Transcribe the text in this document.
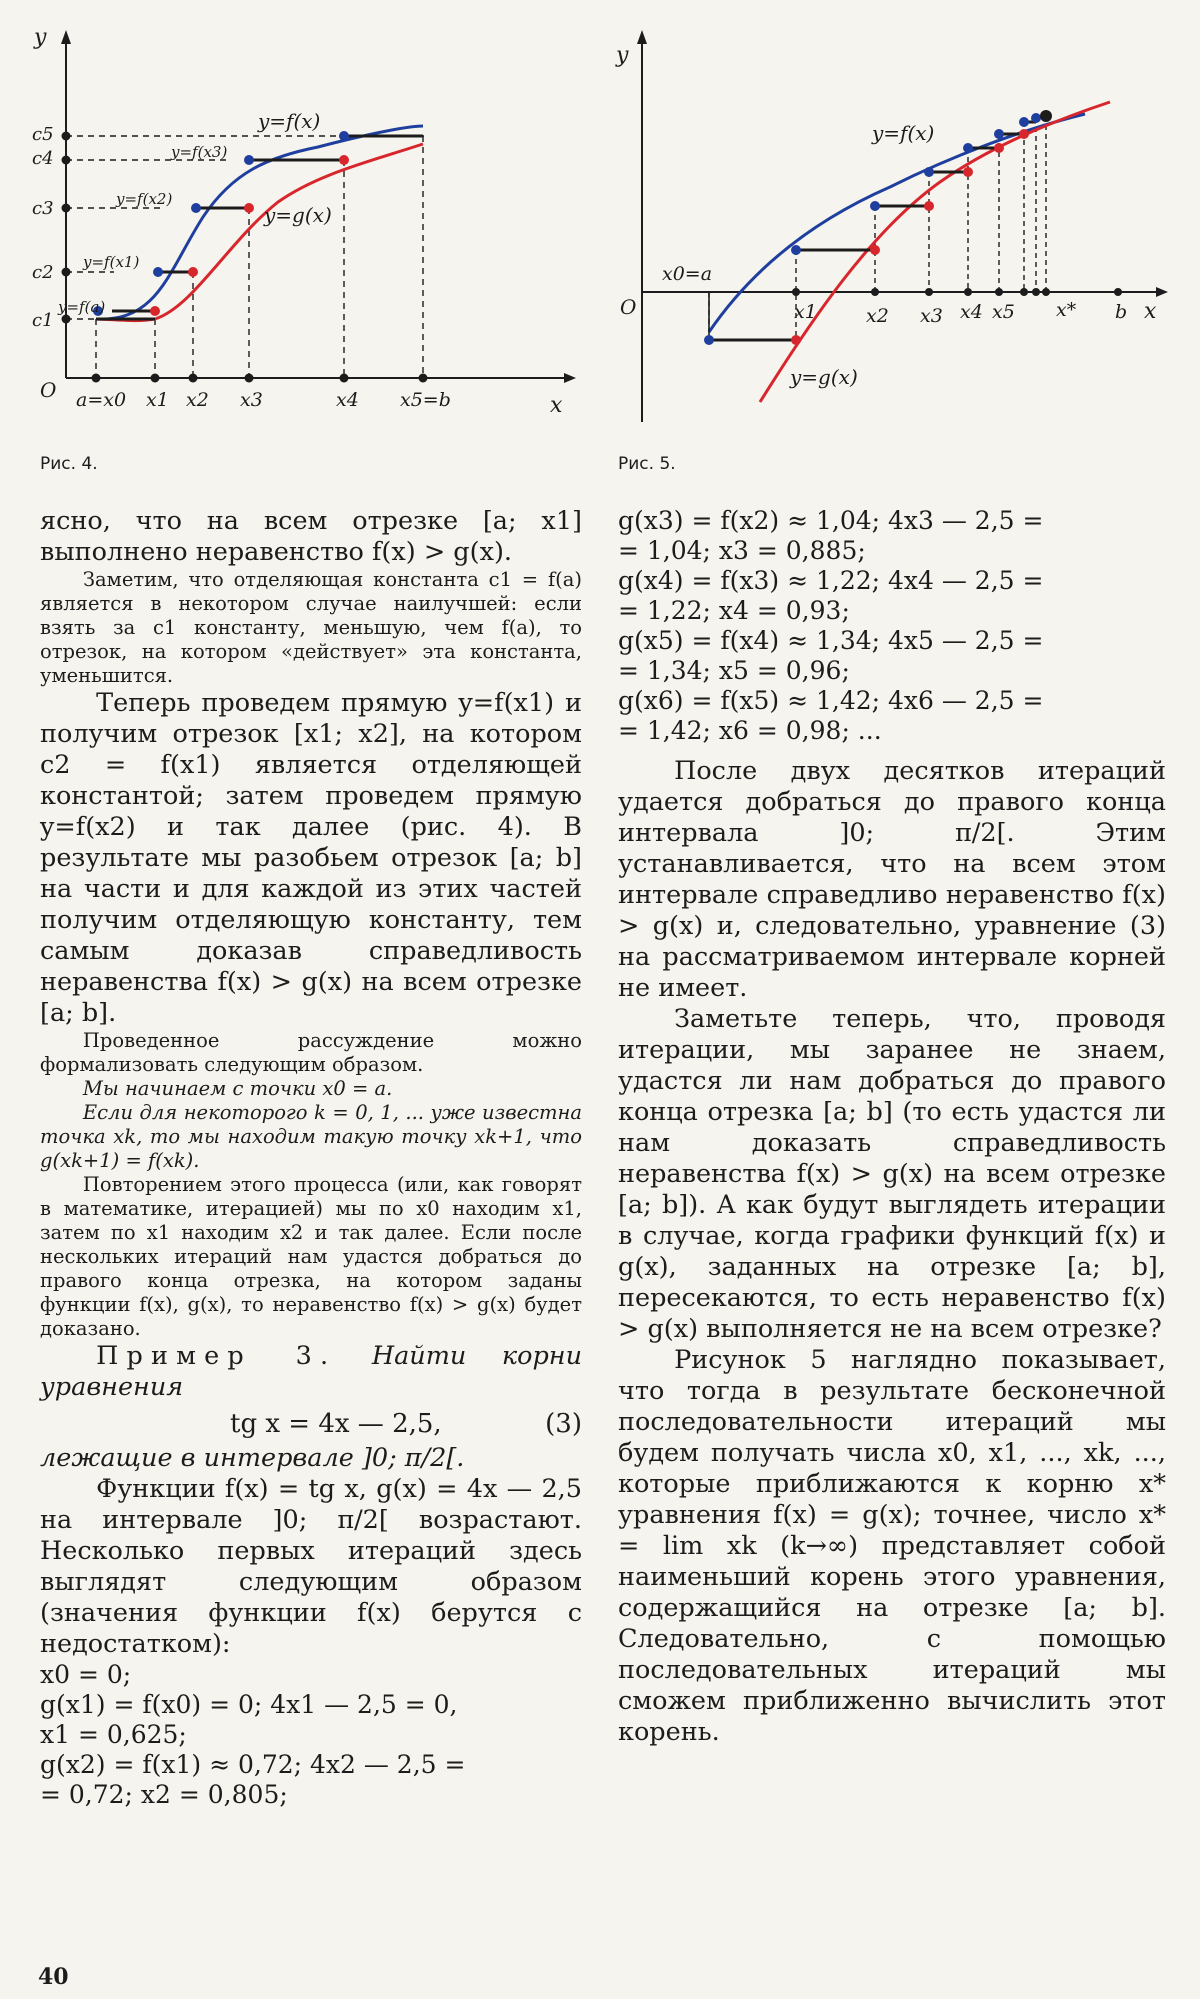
y
x
O
c5
c4
c3
c2
c1
a=x0 x1 x2 x3	x4 x5=b
y=f(x)
y=g(x)
y=f(a)
y=f(x1)
y=f(x2)
y=f(x3)
Рис. 4.
y
x
O
x0=a
x1	x2 x3 x4 x5 x* b
y=f(x)
y=g(x)
Рис. 5.

ясно, что на всем отрезке [a; x1] выполнено неравенство f(x) > g(x).

Заметим, что отделяющая константа c1 = f(a) является в некотором случае наилучшей: если взять за c1 константу, меньшую, чем f(a), то отрезок, на котором «действует» эта константа, уменьшится.

Теперь проведем прямую y=f(x1) и получим отрезок [x1; x2], на котором c2 = f(x1) является отделяющей константой; затем проведем прямую y=f(x2) и так далее (рис. 4). В результате мы разобьем отрезок [a; b] на части и для каждой из этих частей получим отделяющую константу, тем самым доказав справедливость неравенства f(x) > g(x) на всем отрезке [a; b].

Проведенное рассуждение можно формализовать следующим образом.

Мы начинаем с точки x0 = a.

Если для некоторого k = 0, 1, ... уже известна точка xk, то мы находим такую точку xk+1, что g(xk+1) = f(xk).

Повторением этого процесса (или, как говорят в математике, итерацией) мы по x0 находим x1, затем по x1 находим x2 и так далее. Если после нескольких итераций нам удастся добраться до правого конца отрезка, на котором заданы функции f(x), g(x), то неравенство f(x) > g(x) будет доказано.

Пример 3. Найти корни уравнения

tg x = 4x — 2,5,	(3)

лежащие в интервале ]0; π/2[.

Функции f(x) = tg x, g(x) = 4x — 2,5 на интервале ]0; π/2[ возрастают. Несколько первых итераций здесь выглядят следующим образом (значения функции f(x) берутся с недостатком):

x0 = 0;

g(x1) = f(x0) = 0; 4x1 — 2,5 = 0,

x1 = 0,625;

g(x2) = f(x1) ≈ 0,72; 4x2 — 2,5 =

= 0,72; x2 = 0,805;

g(x3) = f(x2) ≈ 1,04; 4x3 — 2,5 =

= 1,04; x3 = 0,885;

g(x4) = f(x3) ≈ 1,22; 4x4 — 2,5 =

= 1,22; x4 = 0,93;

g(x5) = f(x4) ≈ 1,34; 4x5 — 2,5 =

= 1,34; x5 = 0,96;

g(x6) = f(x5) ≈ 1,42; 4x6 — 2,5 =

= 1,42; x6 = 0,98; ...

После двух десятков итераций удается добраться до правого конца интервала ]0; π/2[. Этим устанавливается, что на всем этом интервале справедливо неравенство f(x) > g(x) и, следовательно, уравнение (3) на рассматриваемом интервале корней не имеет.

Заметьте теперь, что, проводя итерации, мы заранее не знаем, удастся ли нам добраться до правого конца отрезка [a; b] (то есть удастся ли нам доказать справедливость неравенства f(x) > g(x) на всем отрезке [a; b]). А как будут выглядеть итерации в случае, когда графики функций f(x) и g(x), заданных на отрезке [a; b], пересекаются, то есть неравенство f(x) > g(x) выполняется не на всем отрезке?

Рисунок 5 наглядно показывает, что тогда в результате бесконечной последовательности итераций мы будем получать числа x0, x1, ..., xk, ..., которые приближаются к корню x* уравнения f(x) = g(x); точнее, число x* = lim xk (k→∞) представляет собой наименьший корень этого уравнения, содержащийся на отрезке [a; b]. Следовательно, с помощью последовательных итераций мы сможем приближенно вычислить этот корень.

40
